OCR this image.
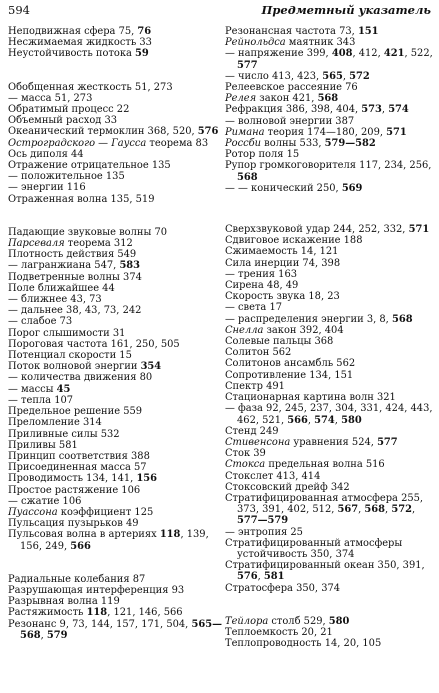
594	Предметный указатель
Неподвижная сфера 75, 76
Несжимаемая жидкость 33
Неустойчивость потока 59
Обобщенная жесткость 51, 273
— масса 51, 273
Обратимый процесс 22
Объемный расход 33
Океанический термоклин 368, 520, 576
Остроградского — Гаусса теорема 83
Ось диполя 44
Отражение отрицательное 135
— положительное 135
— энергии 116
Отраженная волна 135, 519
Падающие звуковые волны 70
Парсеваля теорема 312
Плотность действия 549
— лагранжиана 547, 583
Подветренные волны 374
Поле ближайшее 44
— ближнее 43, 73
— дальнее 38, 43, 73, 242
— слабое 73
Порог слышимости 31
Пороговая частота 161, 250, 505
Потенциал скорости 15
Поток волновой энергии 354
— количества движения 80
— массы 45
— тепла 107
Предельное решение 559
Преломление 314
Приливные силы 532
Приливы 581
Принцип соответствия 388
Присоединенная масса 57
Проводимость 134, 141, 156
Простое растяжение 106
— сжатие 106
Пуассона коэффициент 125
Пульсация пузырьков 49
Пульсовая волна в артериях 118, 139, 156, 249, 566
Радиальные колебания 87
Разрушающая интерференция 93
Разрывная волна 119
Растяжимость 118, 121, 146, 566
Резонанс 9, 73, 144, 157, 171, 504, 565—568, 579
Резонансная частота 73, 151
Рейнольдса маятник 343
— напряжение 399, 408, 412, 421, 522, 577
— число 413, 423, 565, 572
Релеевское рассеяние 76
Релея закон 421, 568
Рефракция 386, 398, 404, 573, 574
— волновой энергии 387
Римана теория 174—180, 209, 571
Россби волны 533, 579—582
Ротор поля 15
Рупор громкоговорителя 117, 234, 256, 568
— — конический 250, 569
Сверхзвуковой удар 244, 252, 332, 571
Сдвиговое искажение 188
Сжимаемость 14, 121
Сила инерции 74, 398
— трения 163
Сирена 48, 49
Скорость звука 18, 23
— света 17
— распределения энергии 3, 8, 568
Снелла закон 392, 404
Солевые пальцы 368
Солитон 562
Солитонов ансамбль 562
Сопротивление 134, 151
Спектр 491
Стационарная картина волн 321
— фаза 92, 245, 237, 304, 331, 424, 443, 462, 521, 566, 574, 580
Стенд 249
Стивенсона уравнения 524, 577
Сток 39
Стокса предельная волна 516
Стокслет 413, 414
Стоксовский дрейф 342
Стратифицированная атмосфера 255, 373, 391, 402, 512, 567, 568, 572, 577—579
— энтропия 25
Стратифицированный атмосферы устойчивость 350, 374
Стратифицированный океан 350, 391, 576, 581
Стратосфера 350, 374
Тейлора столб 529, 580
Теплоемкость 20, 21
Теплопроводность 14, 20, 105
